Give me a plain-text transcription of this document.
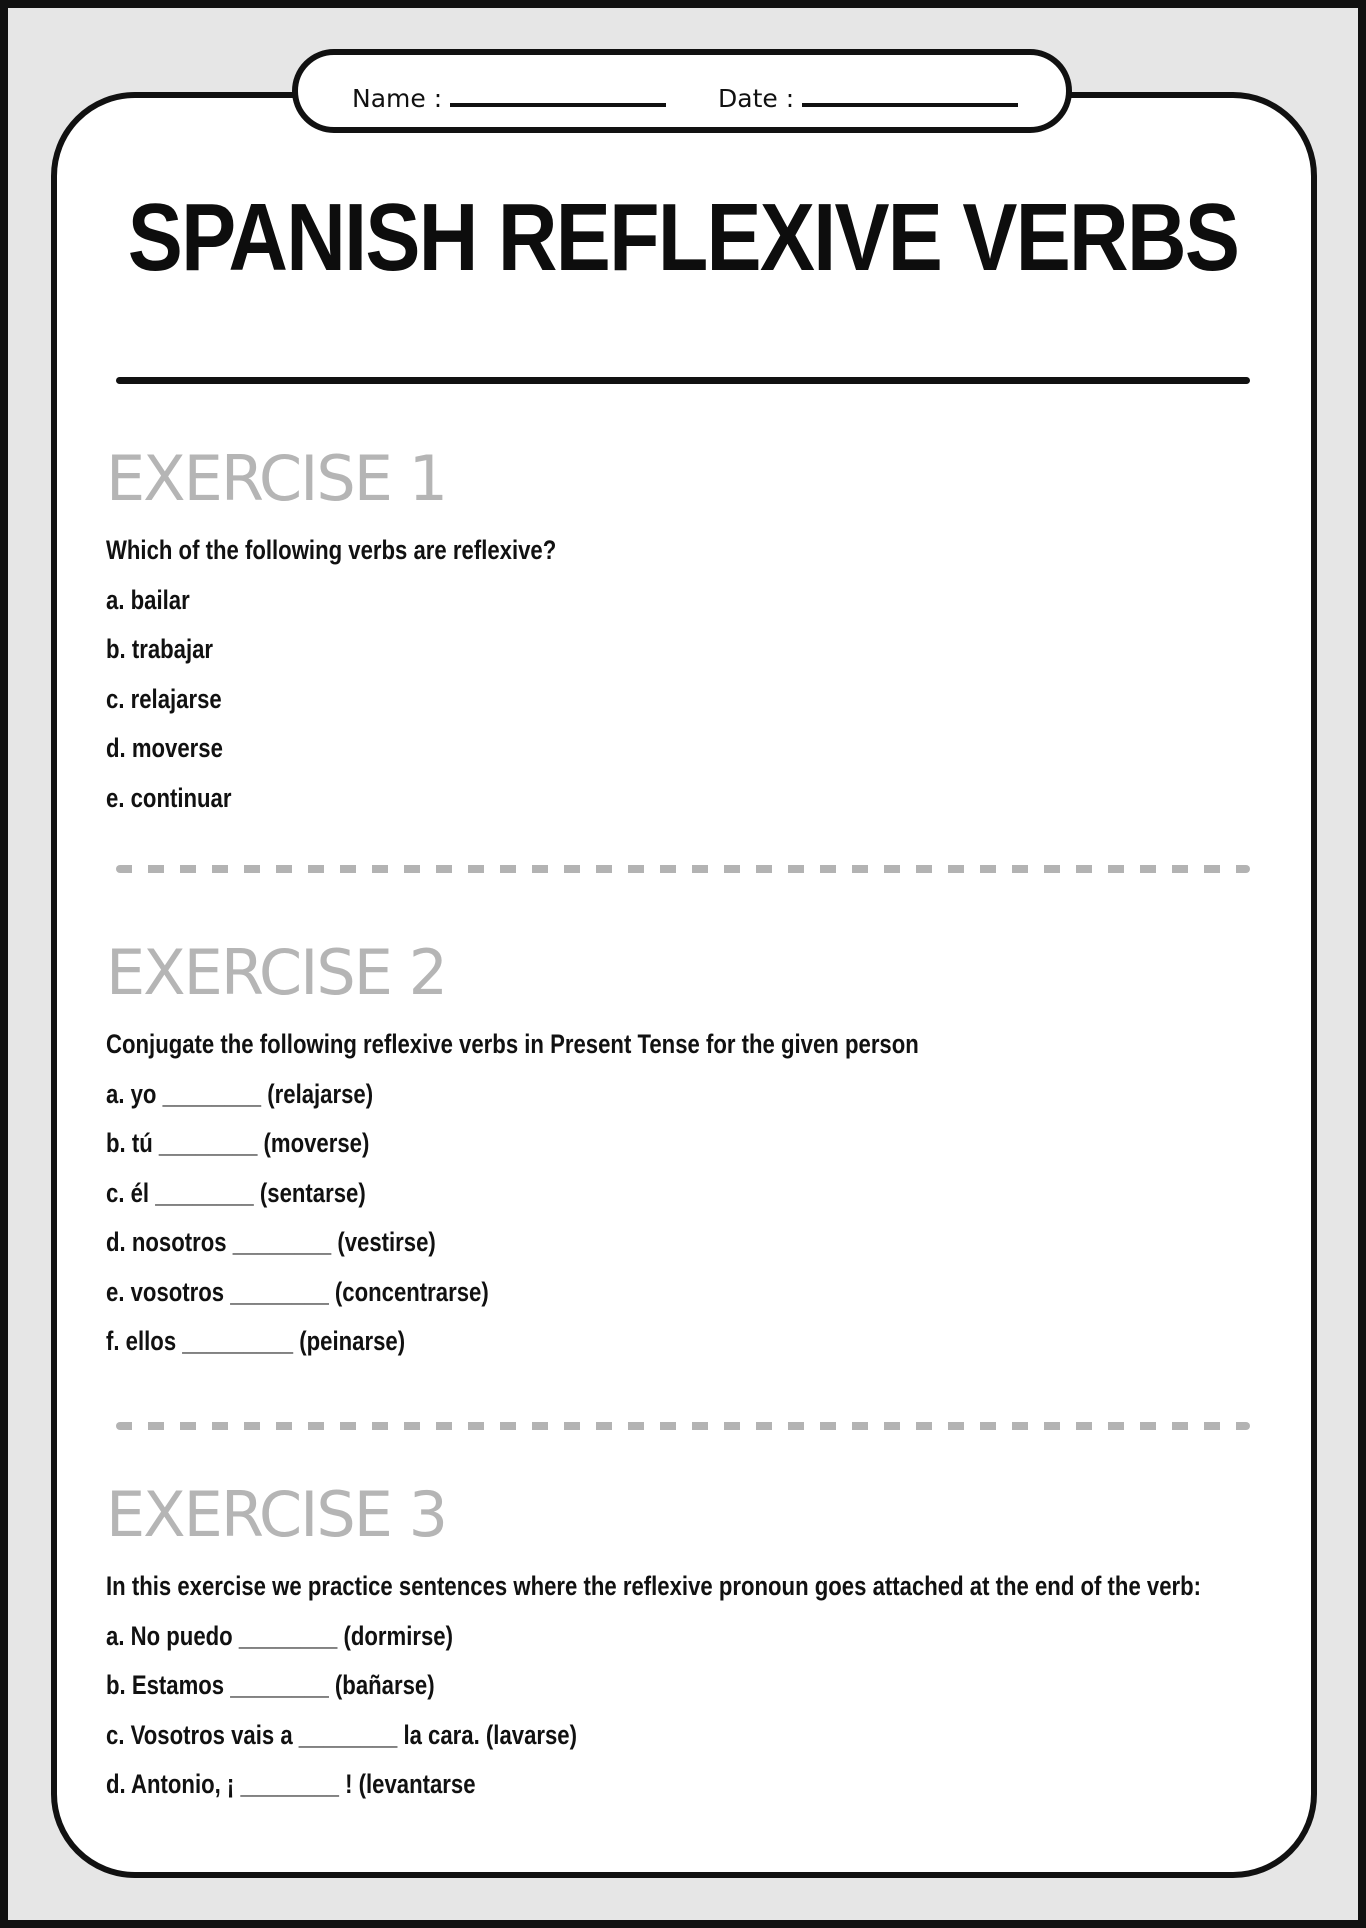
Name :	Date :
SPANISH REFLEXIVE VERBS
EXERCISE 1
Which of the following verbs are reflexive?
a. bailar
b. trabajar
c. relajarse
d. moverse
e. continuar
EXERCISE 2
Conjugate the following reflexive verbs in Present Tense for the given person
a. yo ________ (relajarse)
b. tú ________ (moverse)
c. él ________ (sentarse)
d. nosotros ________ (vestirse)
e. vosotros ________ (concentrarse)
f. ellos _________ (peinarse)
EXERCISE 3
In this exercise we practice sentences where the reflexive pronoun goes attached at the end of the verb:
a. No puedo ________ (dormirse)
b. Estamos ________ (bañarse)
c. Vosotros vais a ________ la cara. (lavarse)
d. Antonio, ¡ ________ ! (levantarse
